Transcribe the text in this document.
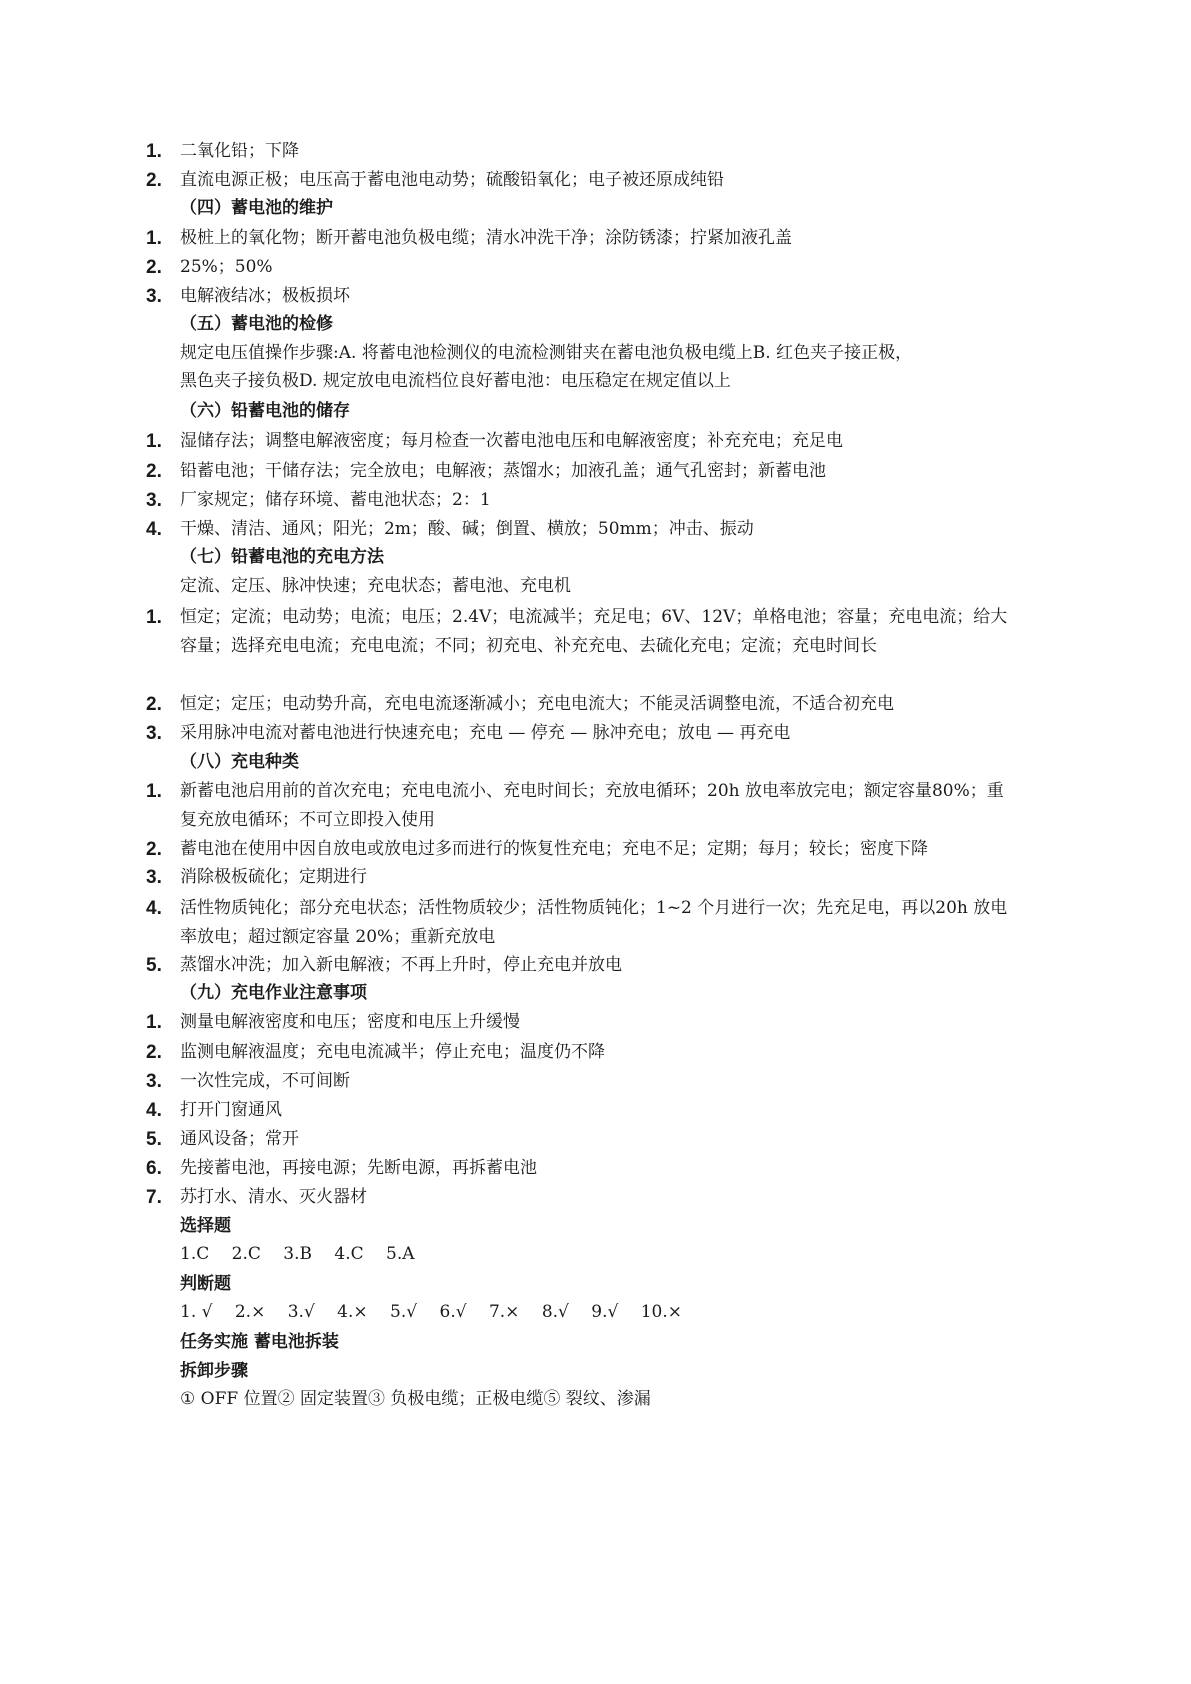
1.	二氧化铅；下降
2.	直流电源正极；电压高于蓄电池电动势；硫酸铅氧化；电子被还原成纯铅
（四）蓄电池的维护
1.	极桩上的氧化物；断开蓄电池负极电缆；清水冲洗干净；涂防锈漆；拧紧加液孔盖
2.	25%；50%
3.	电解液结冰；极板损坏
（五）蓄电池的检修
规定电压值操作步骤:A. 将蓄电池检测仪的电流检测钳夹在蓄电池负极电缆上B. 红色夹子接正极，
黑色夹子接负极D. 规定放电电流档位良好蓄电池：电压稳定在规定值以上
（六）铅蓄电池的储存
1.	湿储存法；调整电解液密度；每月检查一次蓄电池电压和电解液密度；补充充电；充足电
2.	铅蓄电池；干储存法；完全放电；电解液；蒸馏水；加液孔盖；通气孔密封；新蓄电池
3.	厂家规定；储存环境、蓄电池状态；2：1
4.	干燥、清洁、通风；阳光；2m；酸、碱；倒置、横放；50mm；冲击、振动
（七）铅蓄电池的充电方法
定流、定压、脉冲快速；充电状态；蓄电池、充电机
1.	恒定；定流；电动势；电流；电压；2.4V；电流减半；充足电；6V、12V；单格电池；容量；充电电流；给大容量；选择充电电流；充电电流；不同；初充电、补充充电、去硫化充电；定流；充电时间长
2.	恒定；定压；电动势升高，充电电流逐渐减小；充电电流大；不能灵活调整电流，不适合初充电
3.	采用脉冲电流对蓄电池进行快速充电；充电 — 停充 — 脉冲充电；放电 — 再充电
（八）充电种类
1.	新蓄电池启用前的首次充电；充电电流小、充电时间长；充放电循环；20h 放电率放完电；额定容量80%；重复充放电循环；不可立即投入使用
2.	蓄电池在使用中因自放电或放电过多而进行的恢复性充电；充电不足；定期；每月；较长；密度下降
3.	消除极板硫化；定期进行
4.	活性物质钝化；部分充电状态；活性物质较少；活性物质钝化；1~2 个月进行一次；先充足电，再以20h 放电率放电；超过额定容量 20%；重新充放电
5.	蒸馏水冲洗；加入新电解液；不再上升时，停止充电并放电
（九）充电作业注意事项
1.	测量电解液密度和电压；密度和电压上升缓慢
2.	监测电解液温度；充电电流减半；停止充电；温度仍不降
3.	一次性完成，不可间断
4.	打开门窗通风
5.	通风设备；常开
6.	先接蓄电池，再接电源；先断电源，再拆蓄电池
7.	苏打水、清水、灭火器材
选择题
1.C　 2.C　 3.B　 4.C　 5.A
判断题
1. √　 2.×　 3.√　 4.×　 5.√　 6.√　 7.×　 8.√　 9.√　 10.×
任务实施 蓄电池拆装
拆卸步骤
① OFF 位置② 固定装置③ 负极电缆；正极电缆⑤ 裂纹、渗漏
